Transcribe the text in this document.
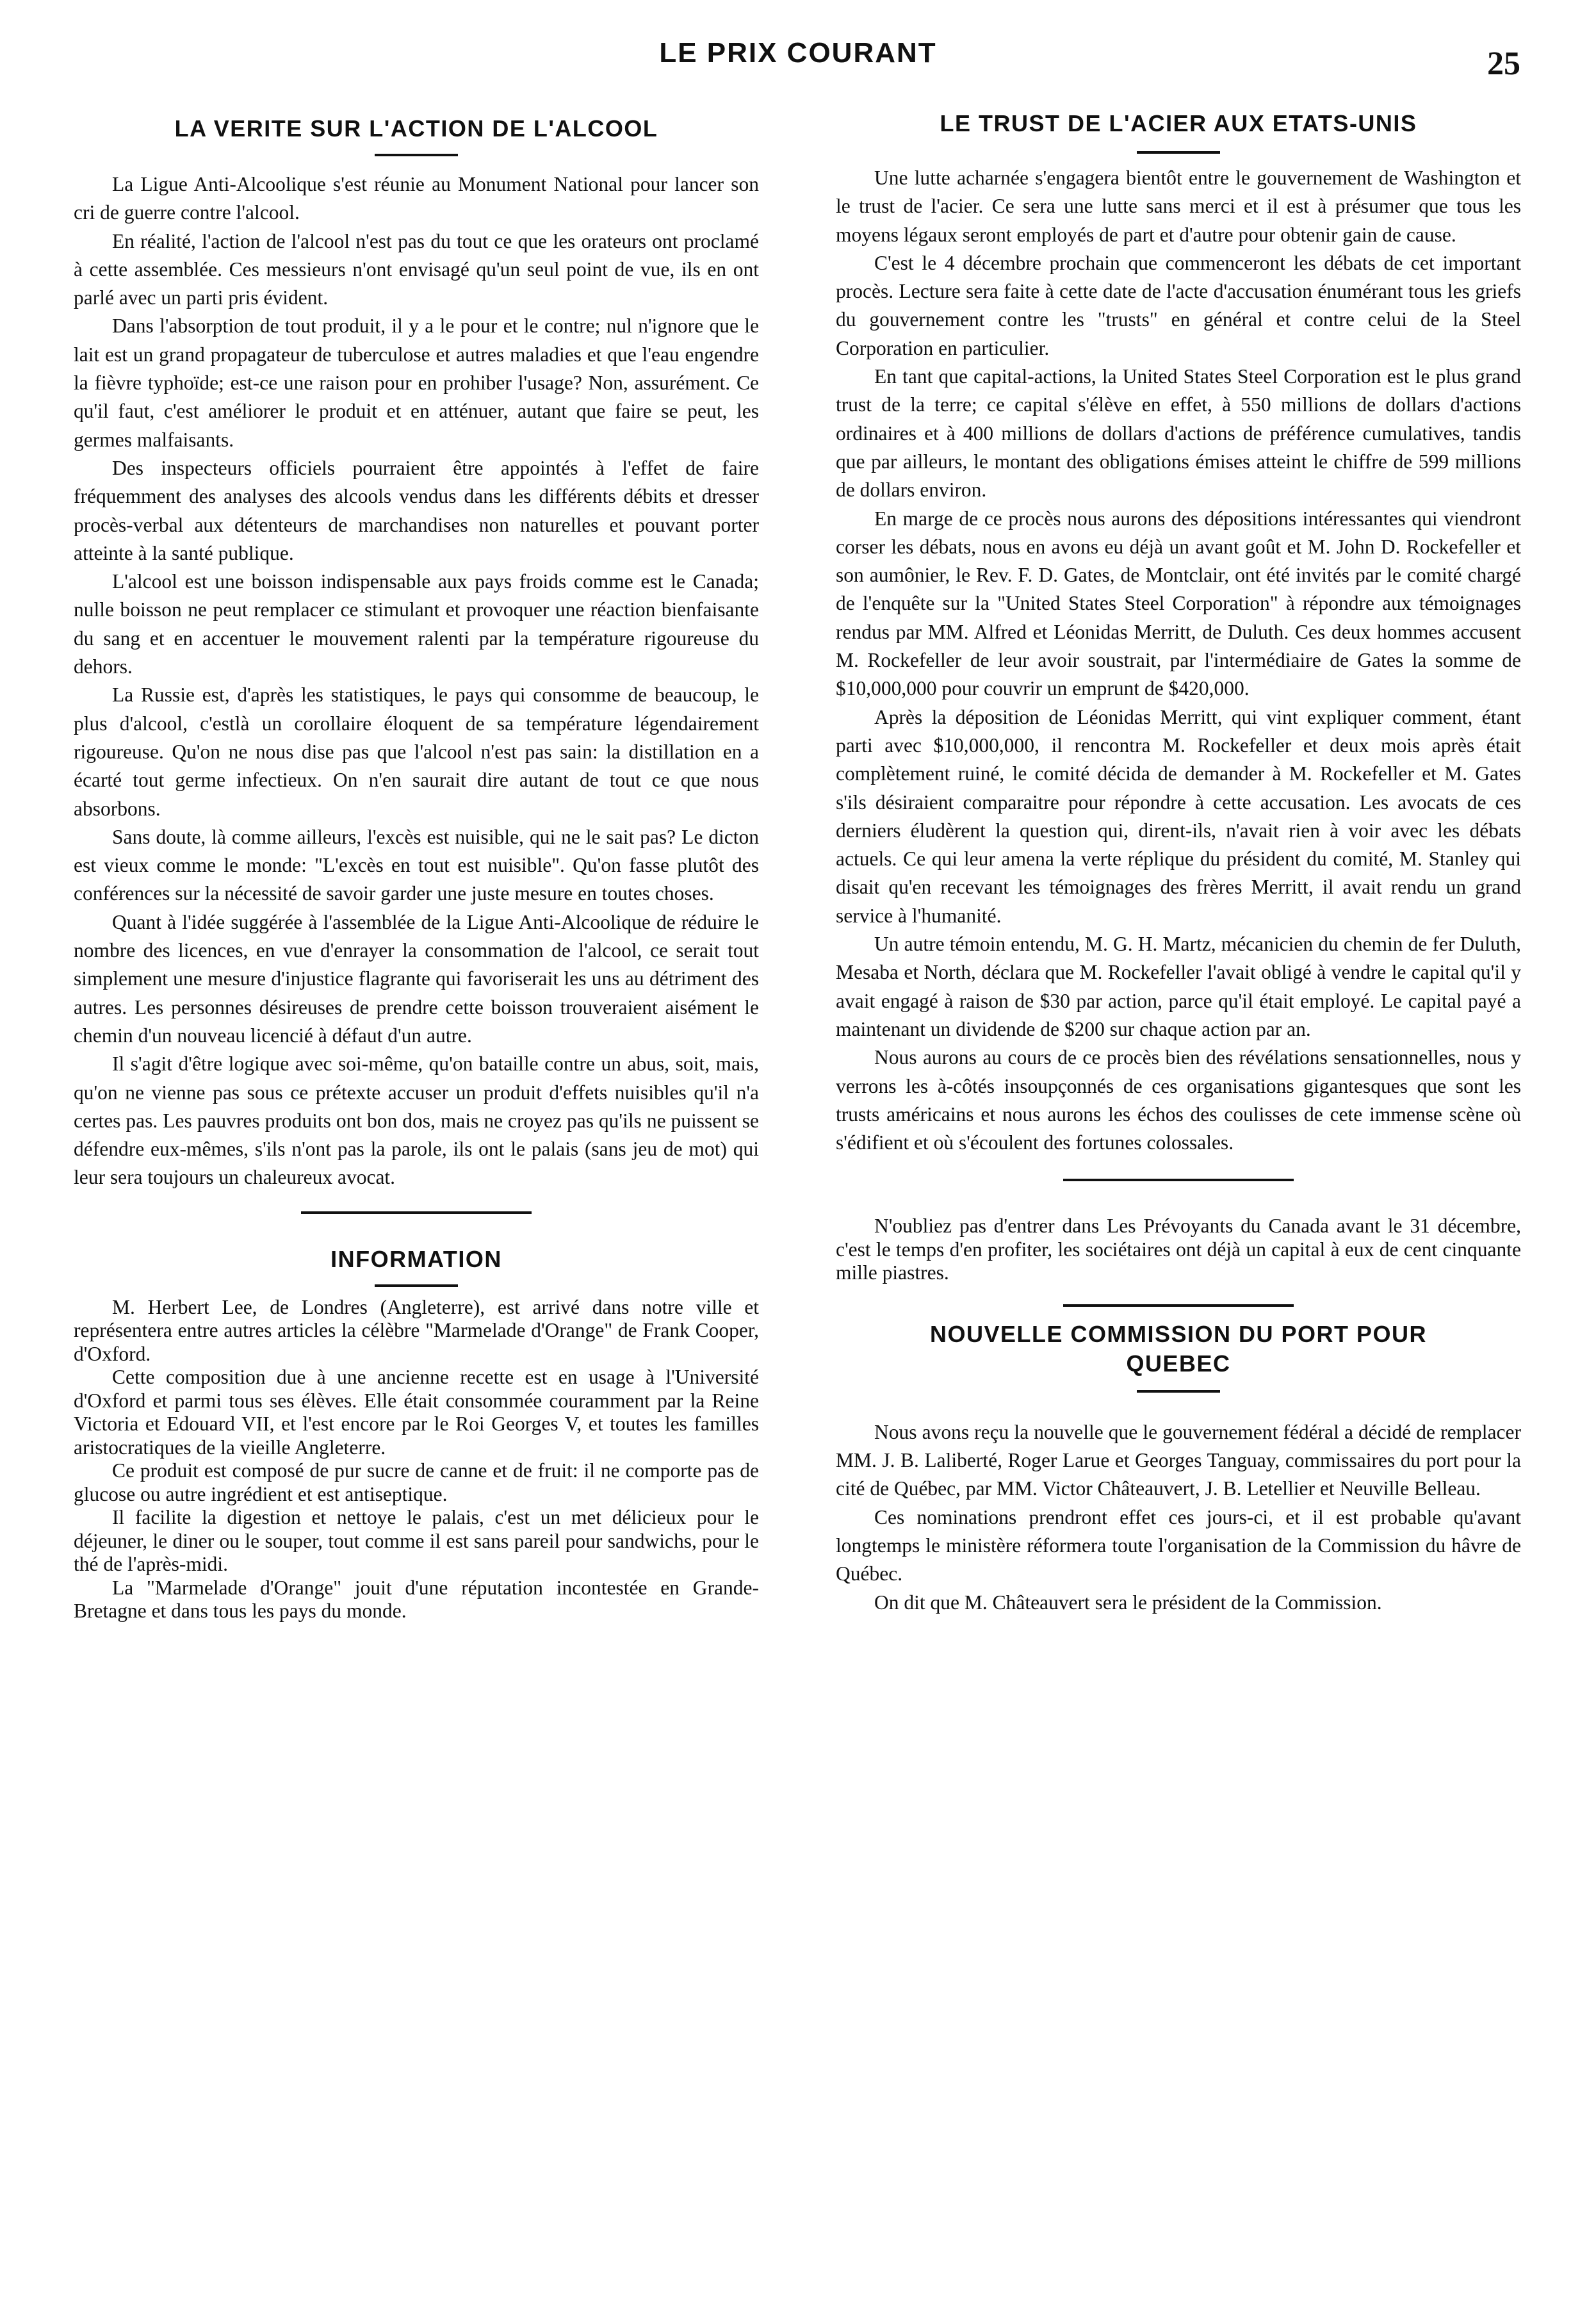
LE PRIX COURANT	25
LA VERITE SUR L'ACTION DE L'ALCOOL

La Ligue Anti-Alcoolique s'est réunie au Monument National pour lancer son cri de guerre contre l'alcool.

En réalité, l'action de l'alcool n'est pas du tout ce que les orateurs ont proclamé à cette assemblée. Ces messieurs n'ont envisagé qu'un seul point de vue, ils en ont parlé avec un parti pris évident.

Dans l'absorption de tout produit, il y a le pour et le contre; nul n'ignore que le lait est un grand propagateur de tuberculose et autres maladies et que l'eau engendre la fièvre typhoïde; est-ce une raison pour en prohiber l'usage? Non, assurément. Ce qu'il faut, c'est améliorer le produit et en atténuer, autant que faire se peut, les germes malfaisants.

Des inspecteurs officiels pourraient être appointés à l'effet de faire fréquemment des analyses des alcools vendus dans les différents débits et dresser procès-verbal aux détenteurs de marchandises non naturelles et pouvant porter atteinte à la santé publique.

L'alcool est une boisson indispensable aux pays froids comme est le Canada; nulle boisson ne peut remplacer ce stimulant et provoquer une réaction bienfaisante du sang et en accentuer le mouvement ralenti par la température rigoureuse du dehors.

La Russie est, d'après les statistiques, le pays qui consomme de beaucoup, le plus d'alcool, c'estlà un corollaire éloquent de sa température légendairement rigoureuse. Qu'on ne nous dise pas que l'alcool n'est pas sain: la distillation en a écarté tout germe infectieux. On n'en saurait dire autant de tout ce que nous absorbons.

Sans doute, là comme ailleurs, l'excès est nuisible, qui ne le sait pas? Le dicton est vieux comme le monde: "L'excès en tout est nuisible". Qu'on fasse plutôt des conférences sur la nécessité de savoir garder une juste mesure en toutes choses.

Quant à l'idée suggérée à l'assemblée de la Ligue Anti-Alcoolique de réduire le nombre des licences, en vue d'enrayer la consommation de l'alcool, ce serait tout simplement une mesure d'injustice flagrante qui favoriserait les uns au détriment des autres. Les personnes désireuses de prendre cette boisson trouveraient aisément le chemin d'un nouveau licencié à défaut d'un autre.

Il s'agit d'être logique avec soi-même, qu'on bataille contre un abus, soit, mais, qu'on ne vienne pas sous ce prétexte accuser un produit d'effets nuisibles qu'il n'a certes pas. Les pauvres produits ont bon dos, mais ne croyez pas qu'ils ne puissent se défendre eux-mêmes, s'ils n'ont pas la parole, ils ont le palais (sans jeu de mot) qui leur sera toujours un chaleureux avocat.

INFORMATION

M. Herbert Lee, de Londres (Angleterre), est arrivé dans notre ville et représentera entre autres articles la célèbre "Marmelade d'Orange" de Frank Cooper, d'Oxford.

Cette composition due à une ancienne recette est en usage à l'Université d'Oxford et parmi tous ses élèves. Elle était consommée couramment par la Reine Victoria et Edouard VII, et l'est encore par le Roi Georges V, et toutes les familles aristocratiques de la vieille Angleterre.

Ce produit est composé de pur sucre de canne et de fruit: il ne comporte pas de glucose ou autre ingrédient et est antiseptique.

Il facilite la digestion et nettoye le palais, c'est un met délicieux pour le déjeuner, le diner ou le souper, tout comme il est sans pareil pour sandwichs, pour le thé de l'après-midi.

La "Marmelade d'Orange" jouit d'une réputation incontestée en Grande-Bretagne et dans tous les pays du monde.

LE TRUST DE L'ACIER AUX ETATS-UNIS

Une lutte acharnée s'engagera bientôt entre le gouvernement de Washington et le trust de l'acier. Ce sera une lutte sans merci et il est à présumer que tous les moyens légaux seront employés de part et d'autre pour obtenir gain de cause.

C'est le 4 décembre prochain que commenceront les débats de cet important procès. Lecture sera faite à cette date de l'acte d'accusation énumérant tous les griefs du gouvernement contre les "trusts" en général et contre celui de la Steel Corporation en particulier.

En tant que capital-actions, la United States Steel Corporation est le plus grand trust de la terre; ce capital s'élève en effet, à 550 millions de dollars d'actions ordinaires et à 400 millions de dollars d'actions de préférence cumulatives, tandis que par ailleurs, le montant des obligations émises atteint le chiffre de 599 millions de dollars environ.

En marge de ce procès nous aurons des dépositions intéressantes qui viendront corser les débats, nous en avons eu déjà un avant goût et M. John D. Rockefeller et son aumônier, le Rev. F. D. Gates, de Montclair, ont été invités par le comité chargé de l'enquête sur la "United States Steel Corporation" à répondre aux témoignages rendus par MM. Alfred et Léonidas Merritt, de Duluth. Ces deux hommes accusent M. Rockefeller de leur avoir soustrait, par l'intermédiaire de Gates la somme de $10,000,000 pour couvrir un emprunt de $420,000.

Après la déposition de Léonidas Merritt, qui vint expliquer comment, étant parti avec $10,000,000, il rencontra M. Rockefeller et deux mois après était complètement ruiné, le comité décida de demander à M. Rockefeller et M. Gates s'ils désiraient comparaitre pour répondre à cette accusation. Les avocats de ces derniers éludèrent la question qui, dirent-ils, n'avait rien à voir avec les débats actuels. Ce qui leur amena la verte réplique du président du comité, M. Stanley qui disait qu'en recevant les témoignages des frères Merritt, il avait rendu un grand service à l'humanité.

Un autre témoin entendu, M. G. H. Martz, mécanicien du chemin de fer Duluth, Mesaba et North, déclara que M. Rockefeller l'avait obligé à vendre le capital qu'il y avait engagé à raison de $30 par action, parce qu'il était employé. Le capital payé a maintenant un dividende de $200 sur chaque action par an.

Nous aurons au cours de ce procès bien des révélations sensationnelles, nous y verrons les à-côtés insoupçonnés de ces organisations gigantesques que sont les trusts américains et nous aurons les échos des coulisses de cete immense scène où s'édifient et où s'écoulent des fortunes colossales.

N'oubliez pas d'entrer dans Les Prévoyants du Canada avant le 31 décembre, c'est le temps d'en profiter, les sociétaires ont déjà un capital à eux de cent cinquante mille piastres.

NOUVELLE COMMISSION DU PORT POUR QUEBEC

Nous avons reçu la nouvelle que le gouvernement fédéral a décidé de remplacer MM. J. B. Laliberté, Roger Larue et Georges Tanguay, commissaires du port pour la cité de Québec, par MM. Victor Châteauvert, J. B. Letellier et Neuville Belleau.

Ces nominations prendront effet ces jours-ci, et il est probable qu'avant longtemps le ministère réformera toute l'organisation de la Commission du hâvre de Québec.

On dit que M. Châteauvert sera le président de la Commission.
